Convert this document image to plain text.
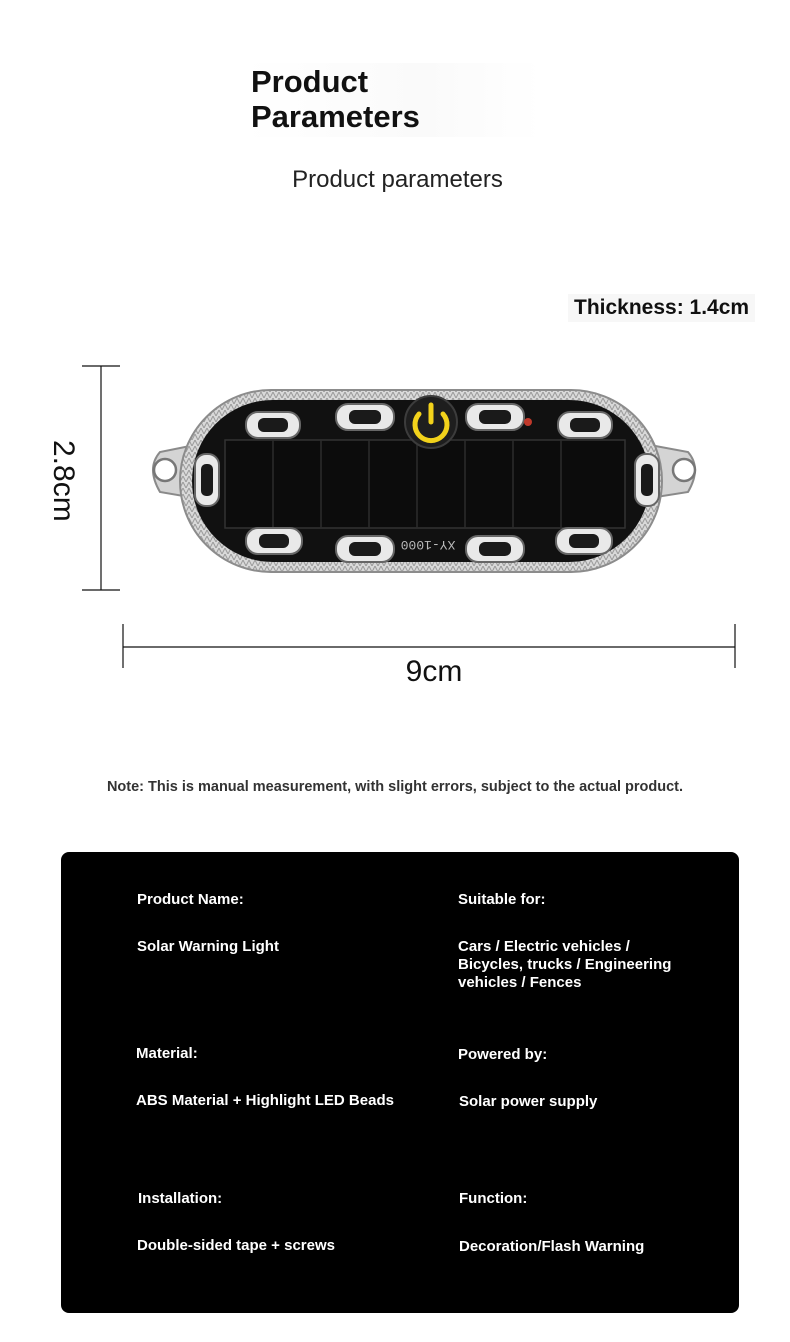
Product Parameters
Product parameters
Thickness: 1.4cm
2.8cm
9cm
XY-1000
Note: This is manual measurement, with slight errors, subject to the actual product.
Product Name:
Solar Warning Light
Suitable for:
Cars / Electric vehicles / Bicycles, trucks / Engineering vehicles / Fences
Material:
ABS Material + Highlight LED Beads
Powered by:
Solar power supply
Installation:
Double-sided tape + screws
Function:
Decoration/Flash Warning
